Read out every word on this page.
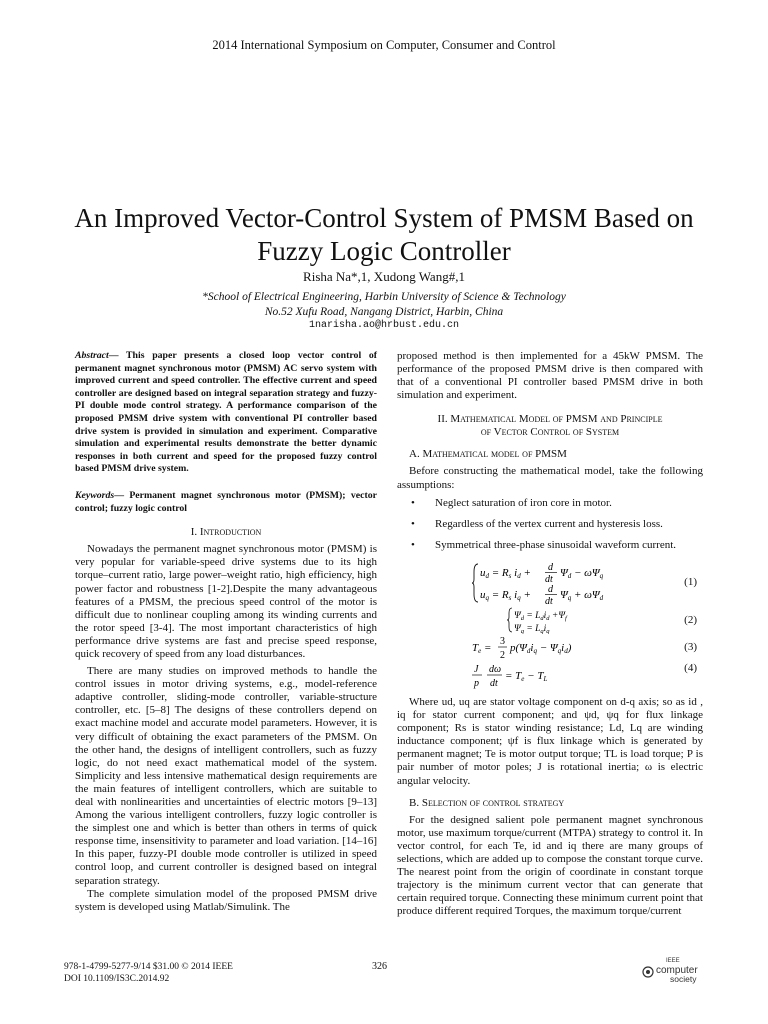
2014 International Symposium on Computer, Consumer and Control
An Improved Vector-Control System of PMSM Based on
Fuzzy Logic Controller
Risha Na*,1, Xudong Wang#,1
*School of Electrical Engineering, Harbin University of Science & Technology
No.52 Xufu Road, Nangang District, Harbin, China
1narisha.ao@hrbust.edu.cn

Abstract— This paper presents a closed loop vector control of permanent magnet synchronous motor (PMSM) AC servo system with improved current and speed controller. The effective current and speed controller are designed based on integral separation strategy and fuzzy-PI double mode control strategy. A performance comparison of the proposed PMSM drive system with conventional PI controller based drive system is provided in simulation and experiment. Comparative simulation and experimental results demonstrate the better dynamic responses in both current and speed for the proposed fuzzy control based PMSM drive system.

Keywords— Permanent magnet synchronous motor (PMSM); vector control; fuzzy logic control

I. Introduction

Nowadays the permanent magnet synchronous motor (PMSM) is very popular for variable-speed drive systems due to its high torque–current ratio, large power–weight ratio, high efficiency, high power factor and robustness [1-2].Despite the many advantageous features of a PMSM, the precious speed control of the motor is difficult due to nonlinear coupling among its winding currents and the rotor speed [3-4]. The most important characteristics of high performance drive systems are fast and precise speed response, quick recovery of speed from any load disturbances.

There are many studies on improved methods to handle the control issues in motor driving systems, e.g., model-reference adaptive controller, sliding-mode controller, variable-structure controller, etc. [5–8] The designs of these controllers depend on exact machine model and accurate model parameters. However, it is very difficult of obtaining the exact parameters of the PMSM. On the other hand, the designs of intelligent controllers, such as fuzzy logic, do not need exact mathematical model of the system. Simplicity and less intensive mathematical design requirements are the main features of intelligent controllers, which are suitable to deal with nonlinearities and uncertainties of electric motors [9–13] Among the various intelligent controllers, fuzzy logic controller is the simplest one and which is better than others in terms of quick response time, insensitivity to parameter and load variation. [14–16] In this paper, fuzzy-PI double mode controller is utilized in speed control loop, and current controller is designed based on integral separation strategy.

The complete simulation model of the proposed PMSM drive system is developed using Matlab/Simulink. The

proposed method is then implemented for a 45kW PMSM. The performance of the proposed PMSM drive is then compared with that of a conventional PI controller based PMSM drive in both simulation and experiment.

II. Mathematical Model of PMSM and Principle
of Vector Control of System
A. Mathematical model of PMSM

Before constructing the mathematical model, take the following assumptions:

• Neglect saturation of iron core in motor.
• Regardless of the vertex current and hysteresis loss.
• Symmetrical three-phase sinusoidal waveform current.
ud = Rs id + d
dt
Ψd − ωΨq
uq = Rs iq + d
dt
Ψq + ωΨd
(1)
$\Psi_d = L_di_d +\Psi_f$
$\Psi_q = L_qi_q$
(2)
Te =
3
2
p(Ψdiq − Ψqid)	(3)
J
p
dω
dt
= Te − TL
(4)

Where ud, uq are stator voltage component on d-q axis; so as id , iq for stator current component; and ψd, ψq for flux linkage component; Rs is stator winding resistance; Ld, Lq are winding inductance component; ψf is flux linkage which is generated by permanent magnet; Te is motor output torque; TL is load torque; P is pair number of motor poles; J is rotational inertia; ω is electric angular velocity.

B. Selection of control strategy

For the designed salient pole permanent magnet synchronous motor, use maximum torque/current (MTPA) strategy to control it. In vector control, for each Te, id and iq there are many groups of selections, which are added up to compose the constant torque curve. The nearest point from the origin of coordinate in constant torque trajectory is the minimum current vector that can generate that certain required torque. Connecting these minimum current point that produce different required Torques, the maximum torque/current

978-1-4799-5277-9/14 $31.00 © 2014 IEEE
DOI 10.1109/IS3C.2014.92
326	IEEE
computer
society
